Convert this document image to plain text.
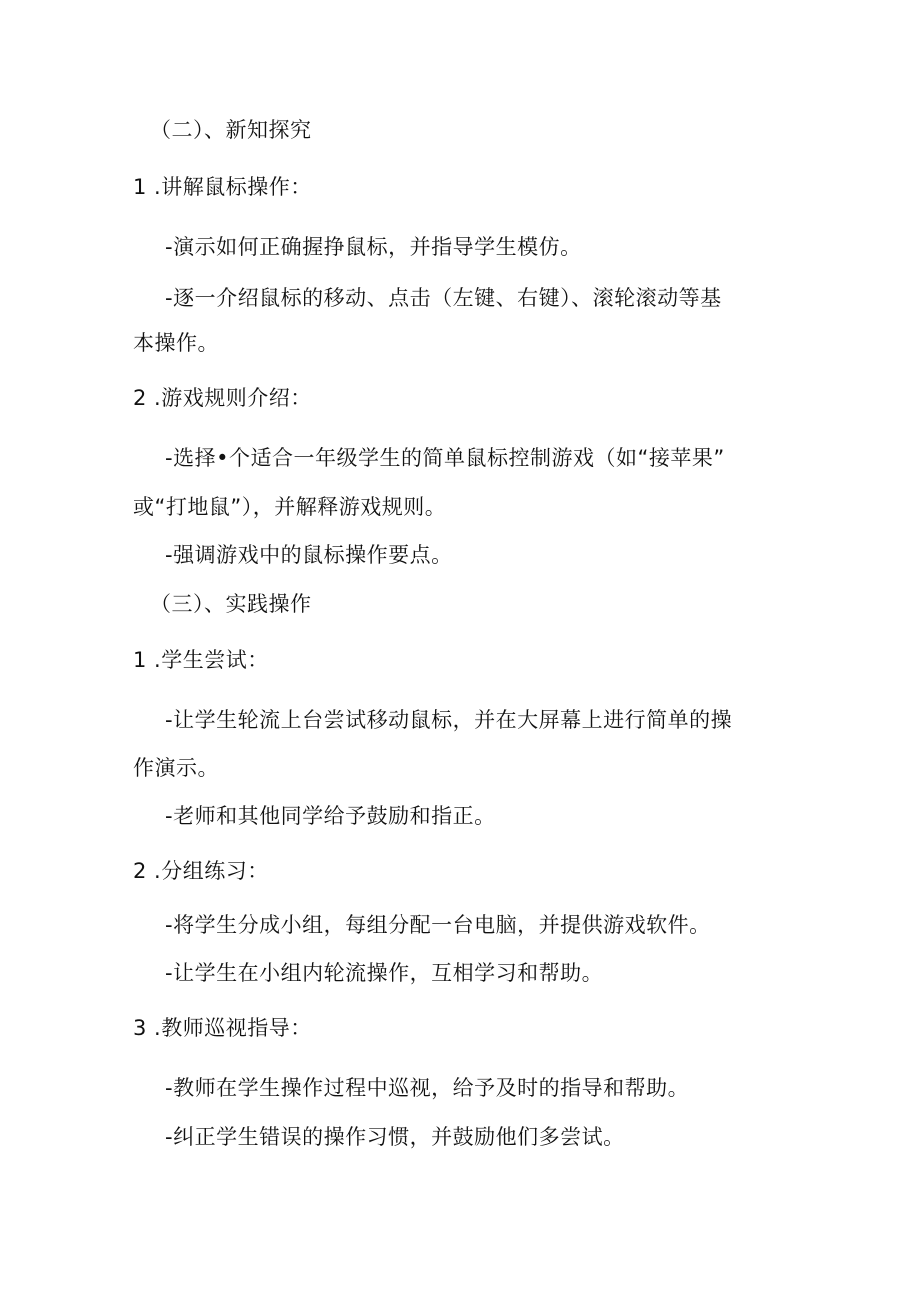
（二）、新知探究
1 .讲解鼠标操作：
-演示如何正确握挣鼠标，并指导学生模仿。
-逐一介绍鼠标的移动、点击（左键、右键）、滚轮滚动等基
本操作。
2 .游戏规则介绍：
-选择•个适合一年级学生的简单鼠标控制游戏（如“接苹果”
或“打地鼠”），并解释游戏规则。
-强调游戏中的鼠标操作要点。
（三）、实践操作
1 .学生尝试：
-让学生轮流上台尝试移动鼠标，并在大屏幕上进行简单的操
作演示。
-老师和其他同学给予鼓励和指正。
2 .分组练习：
-将学生分成小组，每组分配一台电脑，并提供游戏软件。
-让学生在小组内轮流操作，互相学习和帮助。
3 .教师巡视指导：
-教师在学生操作过程中巡视，给予及时的指导和帮助。
-纠正学生错误的操作习惯，并鼓励他们多尝试。
